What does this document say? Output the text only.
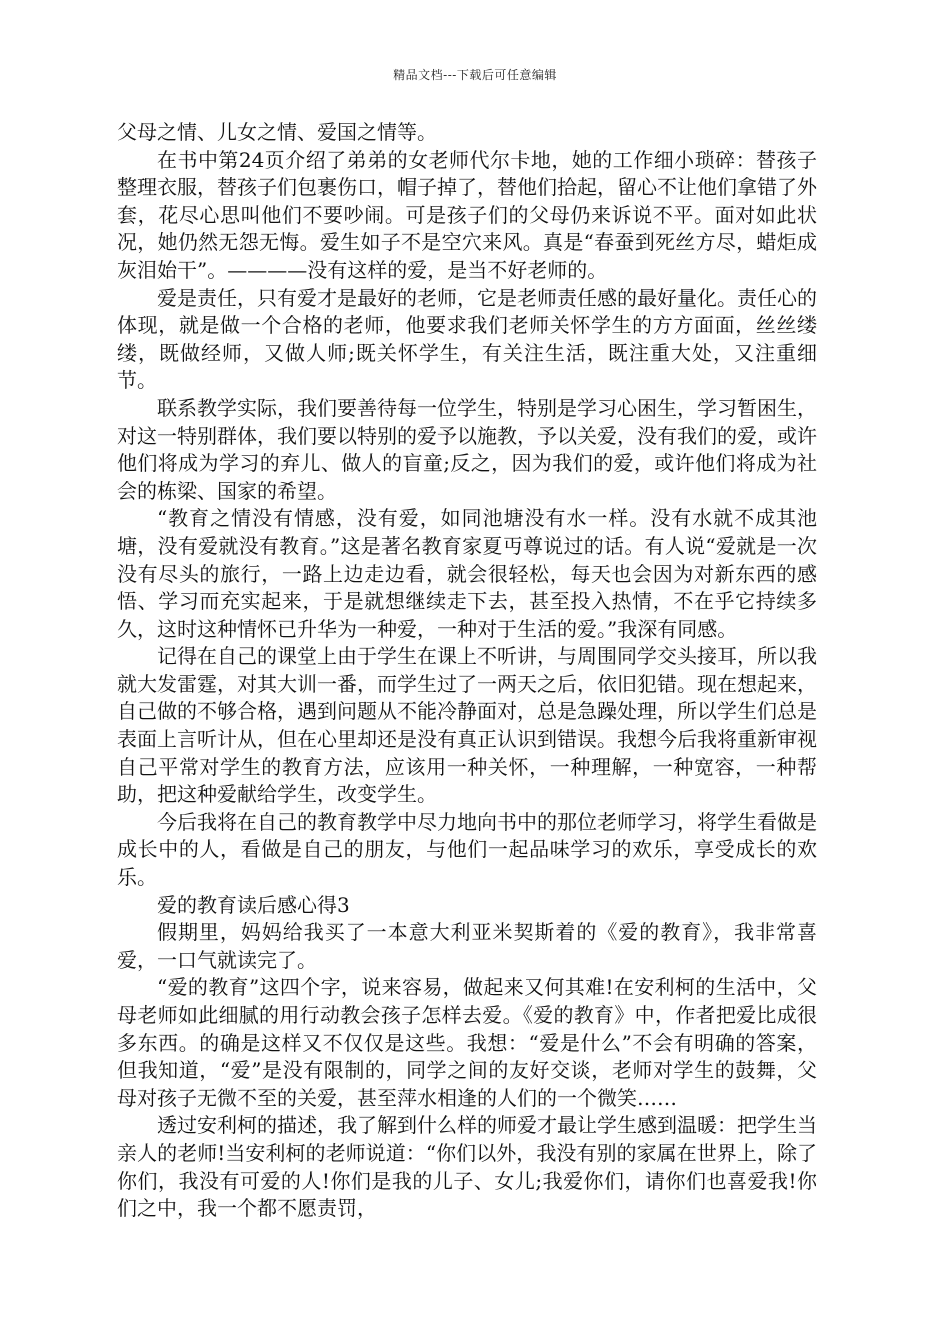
精品文档---下载后可任意编辑

父母之情、儿女之情、爱国之情等。

在书中第24页介绍了弟弟的女老师代尔卡地，她的工作细小琐碎：替孩子整理衣服，替孩子们包裹伤口，帽子掉了，替他们拾起，留心不让他们拿错了外套，花尽心思叫他们不要吵闹。可是孩子们的父母仍来诉说不平。面对如此状况，她仍然无怨无悔。爱生如子不是空穴来风。真是“春蚕到死丝方尽，蜡炬成灰泪始干”。————没有这样的爱，是当不好老师的。

爱是责任，只有爱才是最好的老师，它是老师责任感的最好量化。责任心的体现，就是做一个合格的老师，他要求我们老师关怀学生的方方面面，丝丝缕缕，既做经师，又做人师;既关怀学生，有关注生活，既注重大处，又注重细节。

联系教学实际，我们要善待每一位学生，特别是学习心困生，学习暂困生，对这一特别群体，我们要以特别的爱予以施教，予以关爱，没有我们的爱，或许他们将成为学习的弃儿、做人的盲童;反之，因为我们的爱，或许他们将成为社会的栋梁、国家的希望。

“教育之情没有情感，没有爱，如同池塘没有水一样。没有水就不成其池塘，没有爱就没有教育。”这是著名教育家夏丏尊说过的话。有人说“爱就是一次没有尽头的旅行，一路上边走边看，就会很轻松，每天也会因为对新东西的感悟、学习而充实起来，于是就想继续走下去，甚至投入热情，不在乎它持续多久，这时这种情怀已升华为一种爱，一种对于生活的爱。”我深有同感。

记得在自己的课堂上由于学生在课上不听讲，与周围同学交头接耳，所以我就大发雷霆，对其大训一番，而学生过了一两天之后，依旧犯错。现在想起来，自己做的不够合格，遇到问题从不能冷静面对，总是急躁处理，所以学生们总是表面上言听计从，但在心里却还是没有真正认识到错误。我想今后我将重新审视自己平常对学生的教育方法，应该用一种关怀，一种理解，一种宽容，一种帮助，把这种爱献给学生，改变学生。

今后我将在自己的教育教学中尽力地向书中的那位老师学习，将学生看做是成长中的人，看做是自己的朋友，与他们一起品味学习的欢乐，享受成长的欢乐。

爱的教育读后感心得3

假期里，妈妈给我买了一本意大利亚米契斯着的《爱的教育》，我非常喜爱，一口气就读完了。

“爱的教育”这四个字，说来容易，做起来又何其难!在安利柯的生活中，父母老师如此细腻的用行动教会孩子怎样去爱。《爱的教育》中，作者把爱比成很多东西。的确是这样又不仅仅是这些。我想：“爱是什么”不会有明确的答案，但我知道，“爱”是没有限制的，同学之间的友好交谈，老师对学生的鼓舞，父母对孩子无微不至的关爱，甚至萍水相逢的人们的一个微笑……

透过安利柯的描述，我了解到什么样的师爱才最让学生感到温暖：把学生当亲人的老师!当安利柯的老师说道：“你们以外，我没有别的家属在世界上，除了你们，我没有可爱的人!你们是我的儿子、女儿;我爱你们，请你们也喜爱我!你们之中，我一个都不愿责罚，
